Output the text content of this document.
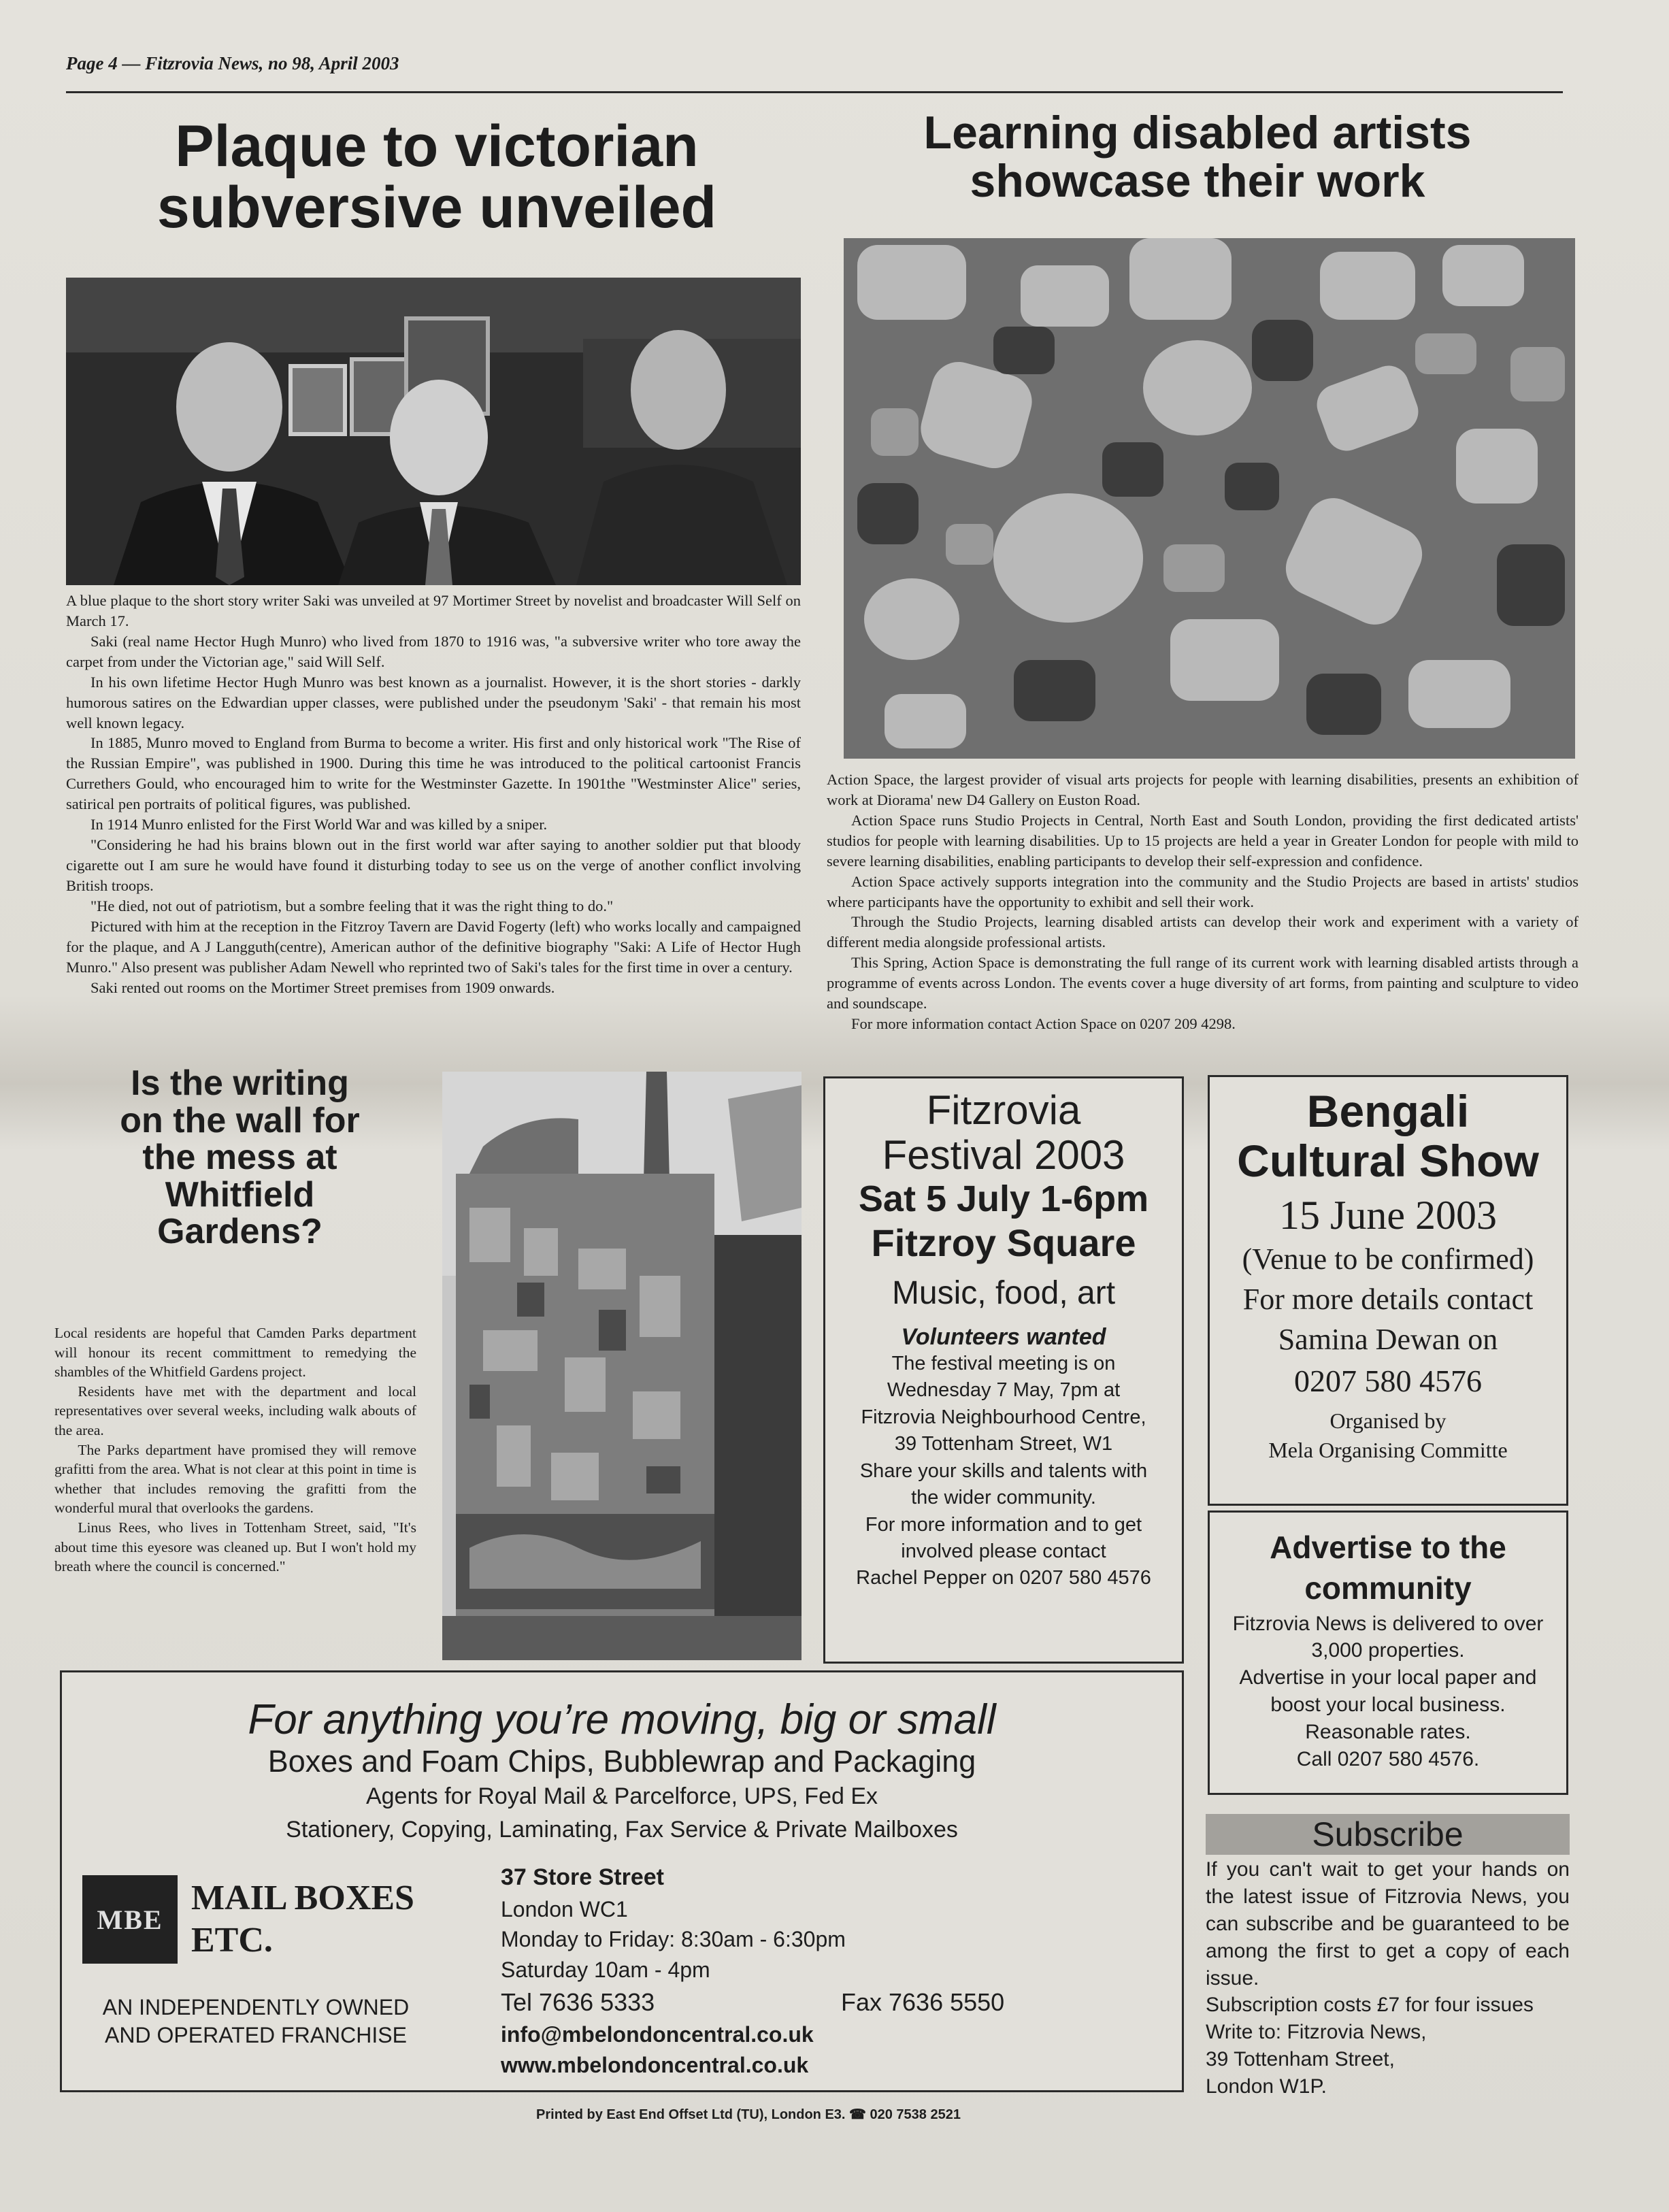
Page 4 — Fitzrovia News, no 98, April 2003
Plaque to victorian
subversive unveiled

A blue plaque to the short story writer Saki was unveiled at 97 Mortimer Street by novelist and broadcaster Will Self on March 17.

Saki (real name Hector Hugh Munro) who lived from 1870 to 1916 was, "a subversive writer who tore away the carpet from under the Victorian age," said Will Self.

In his own lifetime Hector Hugh Munro was best known as a journalist. However, it is the short stories - darkly humorous satires on the Edwardian upper classes, were published under the pseudonym 'Saki' - that remain his most well known legacy.

In 1885, Munro moved to England from Burma to become a writer. His first and only historical work "The Rise of the Russian Empire", was published in 1900. During this time he was introduced to the political cartoonist Francis Currethers Gould, who encouraged him to write for the Westminster Gazette. In 1901the "Westminster Alice" series, satirical pen portraits of political figures, was published.

In 1914 Munro enlisted for the First World War and was killed by a sniper.

"Considering he had his brains blown out in the first world war after saying to another soldier put that bloody cigarette out I am sure he would have found it disturbing today to see us on the verge of another conflict involving British troops.

"He died, not out of patriotism, but a sombre feeling that it was the right thing to do."

Pictured with him at the reception in the Fitzroy Tavern are David Fogerty (left) who works locally and campaigned for the plaque, and A J Langguth(centre), American author of the definitive biography "Saki: A Life of Hector Hugh Munro." Also present was publisher Adam Newell who reprinted two of Saki's tales for the first time in over a century.

Saki rented out rooms on the Mortimer Street premises from 1909 onwards.

Learning disabled artists
showcase their work

Action Space, the largest provider of visual arts projects for people with learning disabilities, presents an exhibition of work at Diorama' new D4 Gallery on Euston Road.

Action Space runs Studio Projects in Central, North East and South London, providing the first dedicated artists' studios for people with learning disabilities. Up to 15 projects are held a year in Greater London for people with mild to severe learning disabilities, enabling participants to develop their self-expression and confidence.

Action Space actively supports integration into the community and the Studio Projects are based in artists' studios where participants have the opportunity to exhibit and sell their work.

Through the Studio Projects, learning disabled artists can develop their work and experiment with a variety of different media alongside professional artists.

This Spring, Action Space is demonstrating the full range of its current work with learning disabled artists through a programme of events across London. The events cover a huge diversity of art forms, from painting and sculpture to video and soundscape.

For more information contact Action Space on 0207 209 4298.

Is the writing
on the wall for
the mess at
Whitfield
Gardens?

Local residents are hopeful that Camden Parks department will honour its recent committment to remedying the shambles of the Whitfield Gardens project.

Residents have met with the department and local representatives over several weeks, including walk abouts of the area.

The Parks department have promised they will remove grafitti from the area. What is not clear at this point in time is whether that includes removing the grafitti from the wonderful mural that overlooks the gardens.

Linus Rees, who lives in Tottenham Street, said, "It's about time this eyesore was cleaned up. But I won't hold my breath where the council is concerned."

Fitzrovia
Festival 2003
Sat 5 July 1-6pm
Fitzroy Square
Music, food, art
Volunteers wanted
The festival meeting is on
Wednesday 7 May, 7pm at
Fitzrovia Neighbourhood Centre,
39 Tottenham Street, W1
Share your skills and talents with
the wider community.
For more information and to get
involved please contact
Rachel Pepper on 0207 580 4576
Bengali
Cultural Show
15 June 2003
(Venue to be confirmed)
For more details contact
Samina Dewan on
0207 580 4576
Organised by
Mela Organising Committe
Advertise to the
community
Fitzrovia News is delivered to over
3,000 properties.
Advertise in your local paper and
boost your local business.
Reasonable rates.
Call 0207 580 4576.
Subscribe
If you can't wait to get your hands on the latest issue of Fitzrovia News, you can subscribe and be guaranteed to be among the first to get a copy of each issue.
Subscription costs £7 for four issues
Write to: Fitzrovia News,
39 Tottenham Street,
London W1P.
For anything you’re moving, big or small
Boxes and Foam Chips, Bubblewrap and Packaging
Agents for Royal Mail & Parcelforce, UPS, Fed Ex
Stationery, Copying, Laminating, Fax Service & Private Mailboxes
MBE
MAIL BOXES
ETC.
AN INDEPENDENTLY OWNED
AND OPERATED FRANCHISE
37 Store Street
London WC1
Monday to Friday: 8:30am - 6:30pm
Saturday 10am - 4pm
Tel 7636 5333	Fax 7636 5550
info@mbelondoncentral.co.uk
www.mbelondoncentral.co.uk
Printed by East End Offset Ltd (TU), London E3. ☎ 020 7538 2521
